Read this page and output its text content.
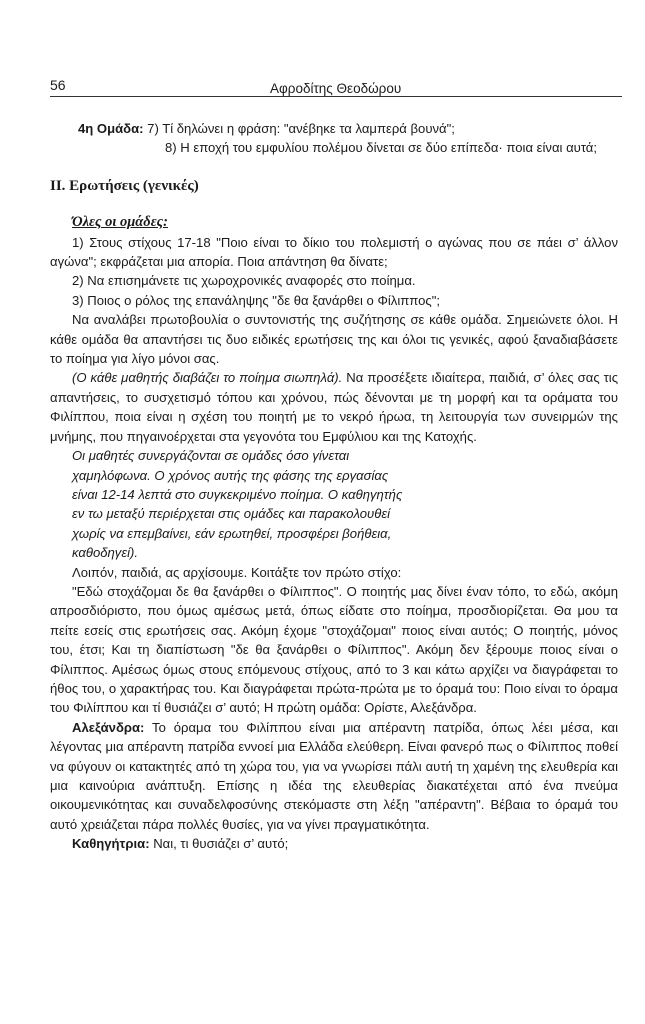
56	Αφροδίτης Θεοδώρου

4η Ομάδα: 7) Τί δηλώνει η φράση: "ανέβηκε τα λαμπερά βουνά";

8) Η εποχή του εμφυλίου πολέμου δίνεται σε δύο επίπεδα· ποια είναι αυτά;

ΙΙ. Ερωτήσεις (γενικές)

Όλες οι ομάδες:

1) Στους στίχους 17-18 "Ποιο είναι το δίκιο του πολεμιστή ο αγώνας που σε πάει σ’ άλλον αγώνα"; εκφράζεται μια απορία. Ποια απάντηση θα δίνατε;

2) Να επισημάνετε τις χωροχρονικές αναφορές στο ποίημα.

3) Ποιος ο ρόλος της επανάληψης "δε θα ξανάρθει ο Φίλιππος";

Να αναλάβει πρωτοβουλία ο συντονιστής της συζήτησης σε κάθε ομάδα. Σημειώνετε όλοι. Η κάθε ομάδα θα απαντήσει τις δυο ειδικές ερωτήσεις της και όλοι τις γενικές, αφού ξαναδιαβάσετε το ποίημα για λίγο μόνοι σας.

(Ο κάθε μαθητής διαβάζει το ποίημα σιωπηλά). Να προσέξετε ιδιαίτερα, παιδιά, σ’ όλες σας τις απαντήσεις, το συσχετισμό τόπου και χρόνου, πώς δένονται με τη μορφή και τα οράματα του Φιλίππου, ποια είναι η σχέση του ποιητή με το νεκρό ήρωα, τη λειτουργία των συνειρμών της μνήμης, που πηγαινοέρχεται στα γεγονότα του Εμφύλιου και της Κατοχής.

Οι μαθητές συνεργάζονται σε ομάδες όσο γίνεται

χαμηλόφωνα. Ο χρόνος αυτής της φάσης της εργασίας

είναι 12-14 λεπτά στο συγκεκριμένο ποίημα. Ο καθηγητής

εν τω μεταξύ περιέρχεται στις ομάδες και παρακολουθεί

χωρίς να επεμβαίνει, εάν ερωτηθεί, προσφέρει βοήθεια,

καθοδηγεί).

Λοιπόν, παιδιά, ας αρχίσουμε. Κοιτάξτε τον πρώτο στίχο:

"Εδώ στοχάζομαι δε θα ξανάρθει ο Φίλιππος". Ο ποιητής μας δίνει έναν τόπο, το εδώ, ακόμη απροσδιόριστο, που όμως αμέσως μετά, όπως είδατε στο ποίημα, προσδιορίζεται. Θα μου τα πείτε εσείς στις ερωτήσεις σας. Ακόμη έχομε "στοχάζομαι" ποιος είναι αυτός; Ο ποιητής, μόνος του, έτσι; Και τη διαπίστωση "δε θα ξανάρθει ο Φίλιππος". Ακόμη δεν ξέρουμε ποιος είναι ο Φίλιππος. Αμέσως όμως στους επόμενους στίχους, από το 3 και κάτω αρχίζει να διαγράφεται το ήθος του, ο χαρακτήρας του. Και διαγράφεται πρώτα-πρώτα με το όραμά του: Ποιο είναι το όραμα του Φιλίππου και τί θυσιάζει σ’ αυτό; Η πρώτη ομάδα: Ορίστε, Αλεξάνδρα.

Αλεξάνδρα: Το όραμα του Φιλίππου είναι μια απέραντη πατρίδα, όπως λέει μέσα, και λέγοντας μια απέραντη πατρίδα εννοεί μια Ελλάδα ελεύθερη. Είναι φανερό πως ο Φίλιππος ποθεί να φύγουν οι κατακτητές από τη χώρα του, για να γνωρίσει πάλι αυτή τη χαμένη της ελευθερία και μια καινούρια ανάπτυξη. Επίσης η ιδέα της ελευθερίας διακατέχεται από ένα πνεύμα οικουμενικότητας και συναδελφοσύνης στεκόμαστε στη λέξη "απέραντη". Βέβαια το όραμά του αυτό χρειάζεται πάρα πολλές θυσίες, για να γίνει πραγματικότητα.

Καθηγήτρια: Ναι, τι θυσιάζει σ’ αυτό;
